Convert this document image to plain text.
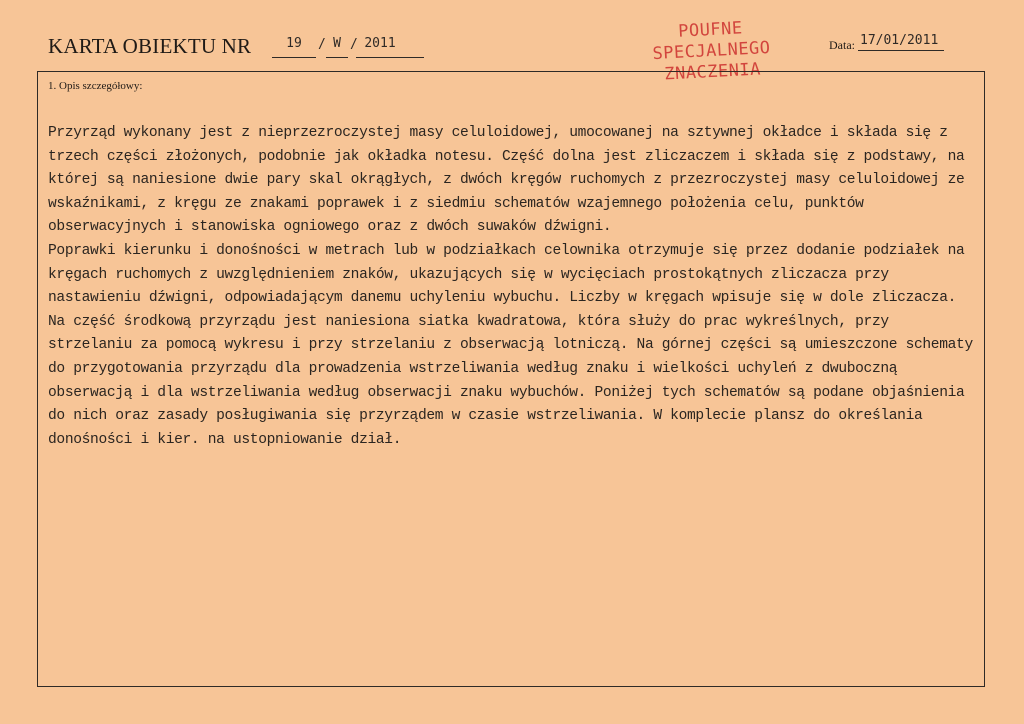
KARTA OBIEKTU NR	19	/ W / 2011
POUFNE
SPECJALNEGO
ZNACZENIA
Data: 17/01/2011
1. Opis szczegółowy:

Przyrząd wykonany jest z nieprzezroczystej masy celuloidowej, umocowanej na sztywnej okładce i składa się z trzech części złożonych, podobnie jak okładka notesu. Część dolna jest zliczaczem i składa się z podstawy, na której są naniesione dwie pary skal okrągłych, z dwóch kręgów ruchomych z przezroczystej masy celuloidowej ze wskaźnikami, z kręgu ze znakami poprawek i z siedmiu schematów wzajemnego położenia celu, punktów obserwacyjnych i stanowiska ogniowego oraz z dwóch suwaków dźwigni.

Poprawki kierunku i donośności w metrach lub w podziałkach celownika otrzymuje się przez dodanie podziałek na kręgach ruchomych z uwzględnieniem znaków, ukazujących się w wycięciach prostokątnych zliczacza przy nastawieniu dźwigni, odpowiadającym danemu uchyleniu wybuchu. Liczby w kręgach wpisuje się w dole zliczacza. Na część środkową przyrządu jest naniesiona siatka kwadratowa, która służy do prac wykreślnych, przy strzelaniu za pomocą wykresu i przy strzelaniu z obserwacją lotniczą. Na górnej części są umieszczone schematy do przygotowania przyrządu dla prowadzenia wstrzeliwania według znaku i wielkości uchyleń z dwuboczną obserwacją i dla wstrzeliwania według obserwacji znaku wybuchów. Poniżej tych schematów są podane objaśnienia do nich oraz zasady posługiwania się przyrządem w czasie wstrzeliwania. W komplecie plansz do określania donośności i kier. na ustopniowanie dział.
